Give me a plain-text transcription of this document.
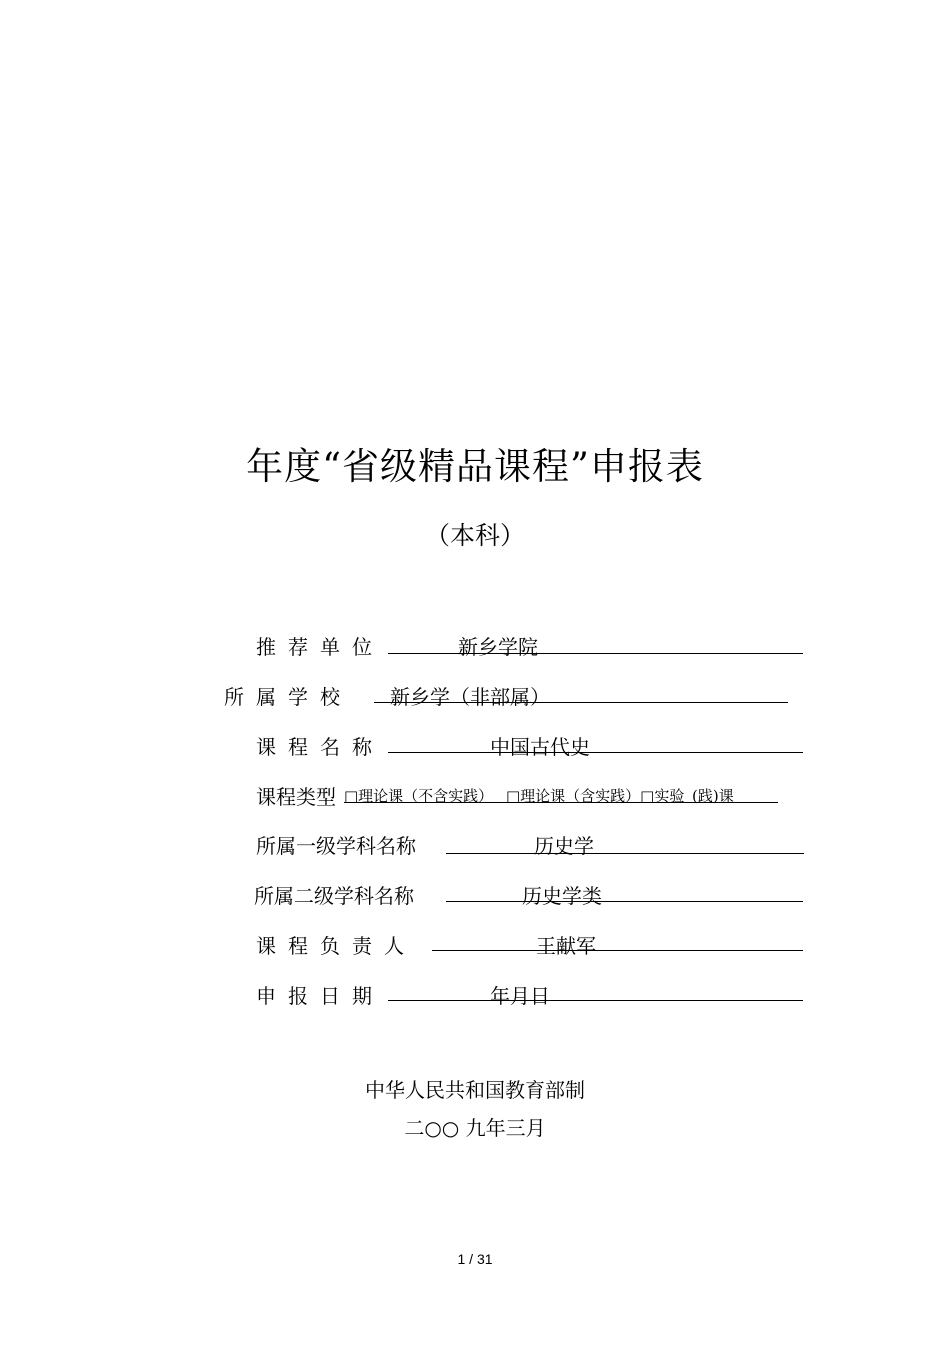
年度“省级精品课程”申报表
（本科）
推荐单位	新乡学院
所属学校 新乡学（非部属）
课程名称	中国古代史
课程类型 □理论课（不含实践） □理论课（含实践）□实验 (践)课
所属一级学科名称	历史学
所属二级学科名称	历史学类
课程负责人	王献军
申报日期	年月日
中华人民共和国教育部制
二○○ 九年三月
1 / 31
